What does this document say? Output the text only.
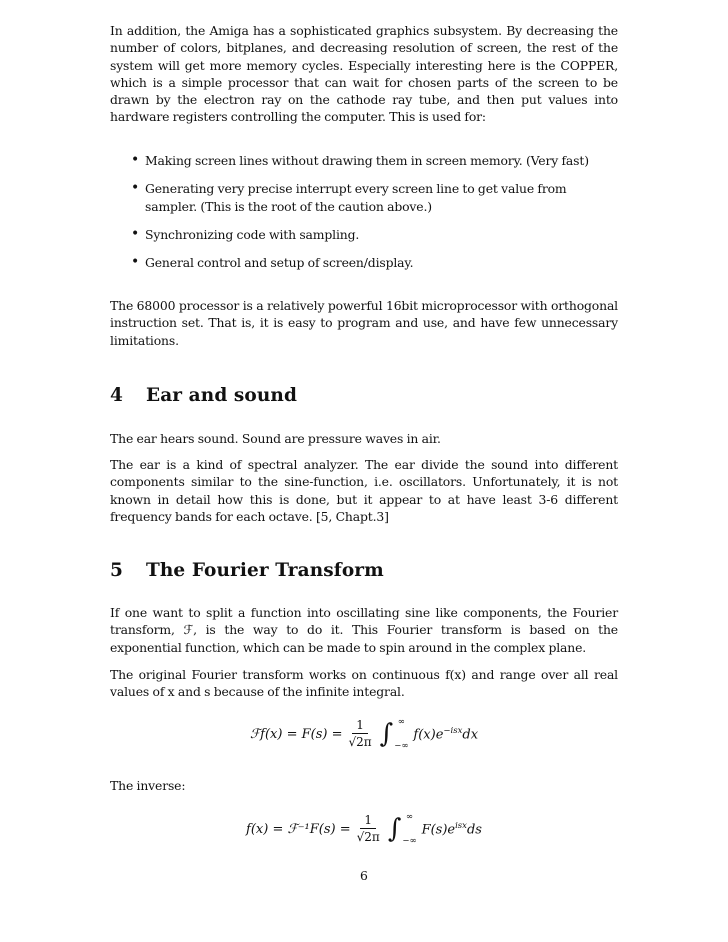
In addition, the Amiga has a sophisticated graphics subsystem. By decreasing the number of colors, bitplanes, and decreasing resolution of screen, the rest of the system will get more memory cycles. Especially interesting here is the COPPER, which is a simple processor that can wait for chosen parts of the screen to be drawn by the electron ray on the cathode ray tube, and then put values into hardware registers controlling the computer. This is used for:

• Making screen lines without drawing them in screen memory. (Very fast)
• Generating very precise interrupt every screen line to get value from sampler. (This is the root of the caution above.)
• Synchronizing code with sampling.
• General control and setup of screen/display.

The 68000 processor is a relatively powerful 16bit microprocessor with orthogonal instruction set. That is, it is easy to program and use, and have few unnecessary limitations.

4 Ear and sound

The ear hears sound. Sound are pressure waves in air.

The ear is a kind of spectral analyzer. The ear divide the sound into different components similar to the sine-function, i.e. oscillators. Unfortunately, it is not known in detail how this is done, but it appear to at have least 3-6 different frequency bands for each octave. [5, Chapt.3]

5 The Fourier Transform

If one want to split a function into oscillating sine like components, the Fourier transform, ℱ, is the way to do it. This Fourier transform is based on the exponential function, which can be made to spin around in the complex plane.

The original Fourier transform works on continuous f(x) and range over all real values of x and s because of the infinite integral.

ℱf(x) = $F(s) = \frac{1}{√2\pi}$ ∫ ∞
−∞
$f(x)e^{-isx}dx$

The inverse:

f(x) = ℱ⁻¹F(s) = $\frac{1}{√2\pi}$ ∫ ∞
−∞
$F(s)e^{isx}ds$
6
